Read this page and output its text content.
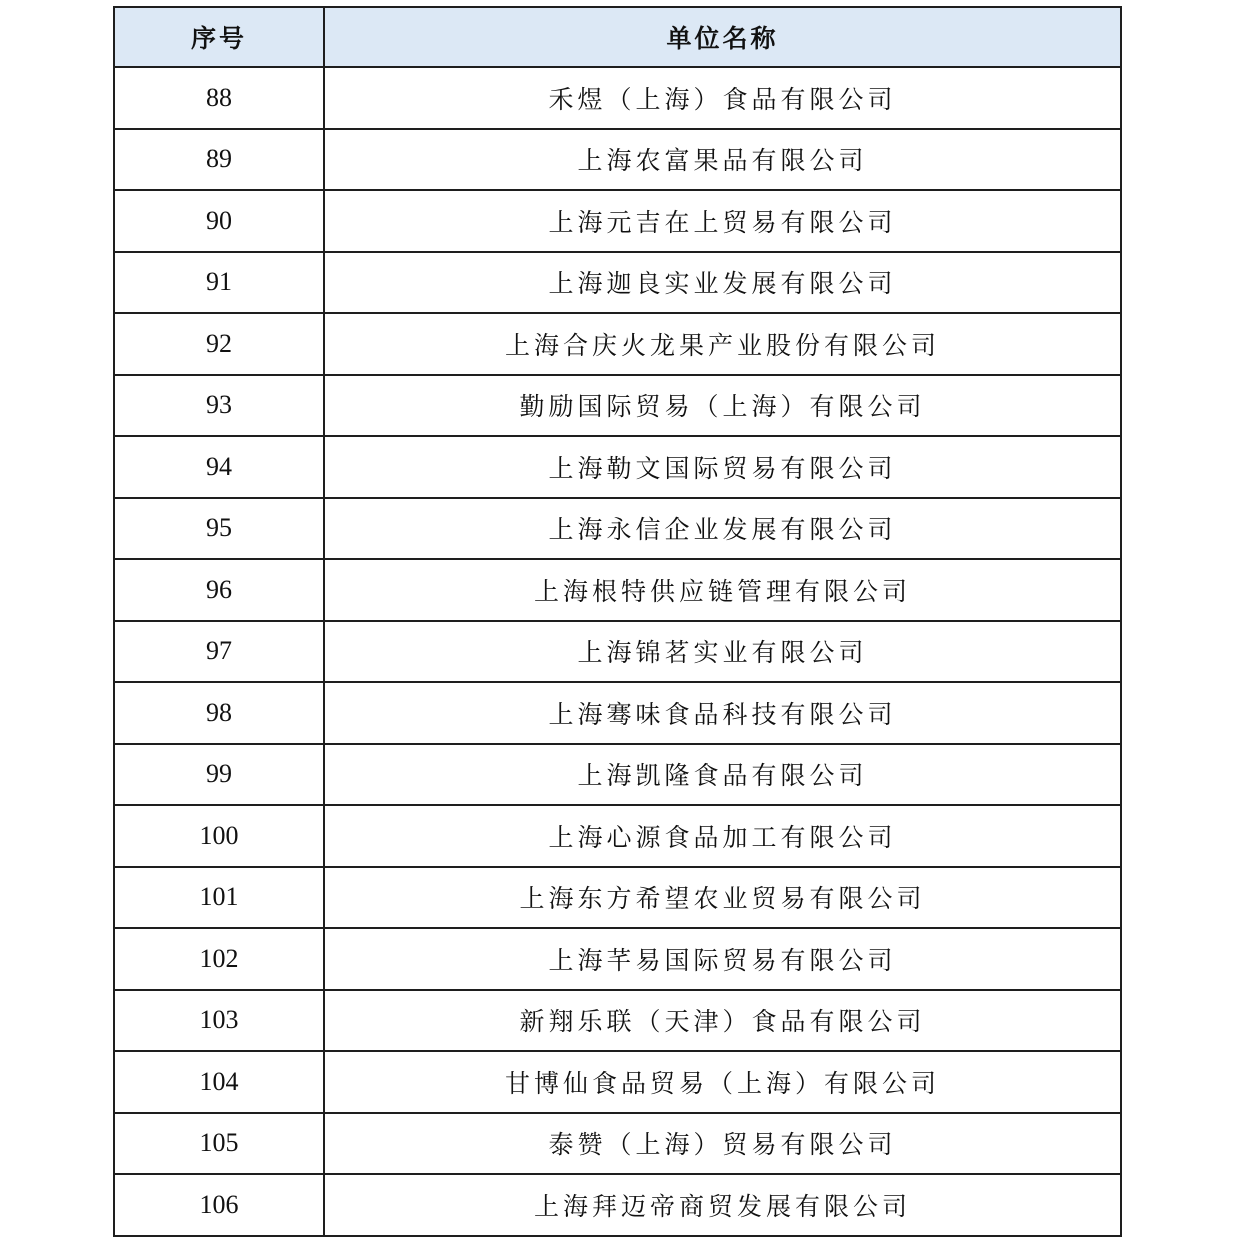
序号	单位名称
88	禾煜（上海）食品有限公司
89	上海农富果品有限公司
90	上海元吉在上贸易有限公司
91	上海迦良实业发展有限公司
92	上海合庆火龙果产业股份有限公司
93	勤励国际贸易（上海）有限公司
94	上海勒文国际贸易有限公司
95	上海永信企业发展有限公司
96	上海根特供应链管理有限公司
97	上海锦茗实业有限公司
98	上海骞味食品科技有限公司
99	上海凯隆食品有限公司
100	上海心源食品加工有限公司
101	上海东方希望农业贸易有限公司
102	上海芊易国际贸易有限公司
103	新翔乐联（天津）食品有限公司
104	甘博仙食品贸易（上海）有限公司
105	泰赞（上海）贸易有限公司
106	上海拜迈帝商贸发展有限公司
